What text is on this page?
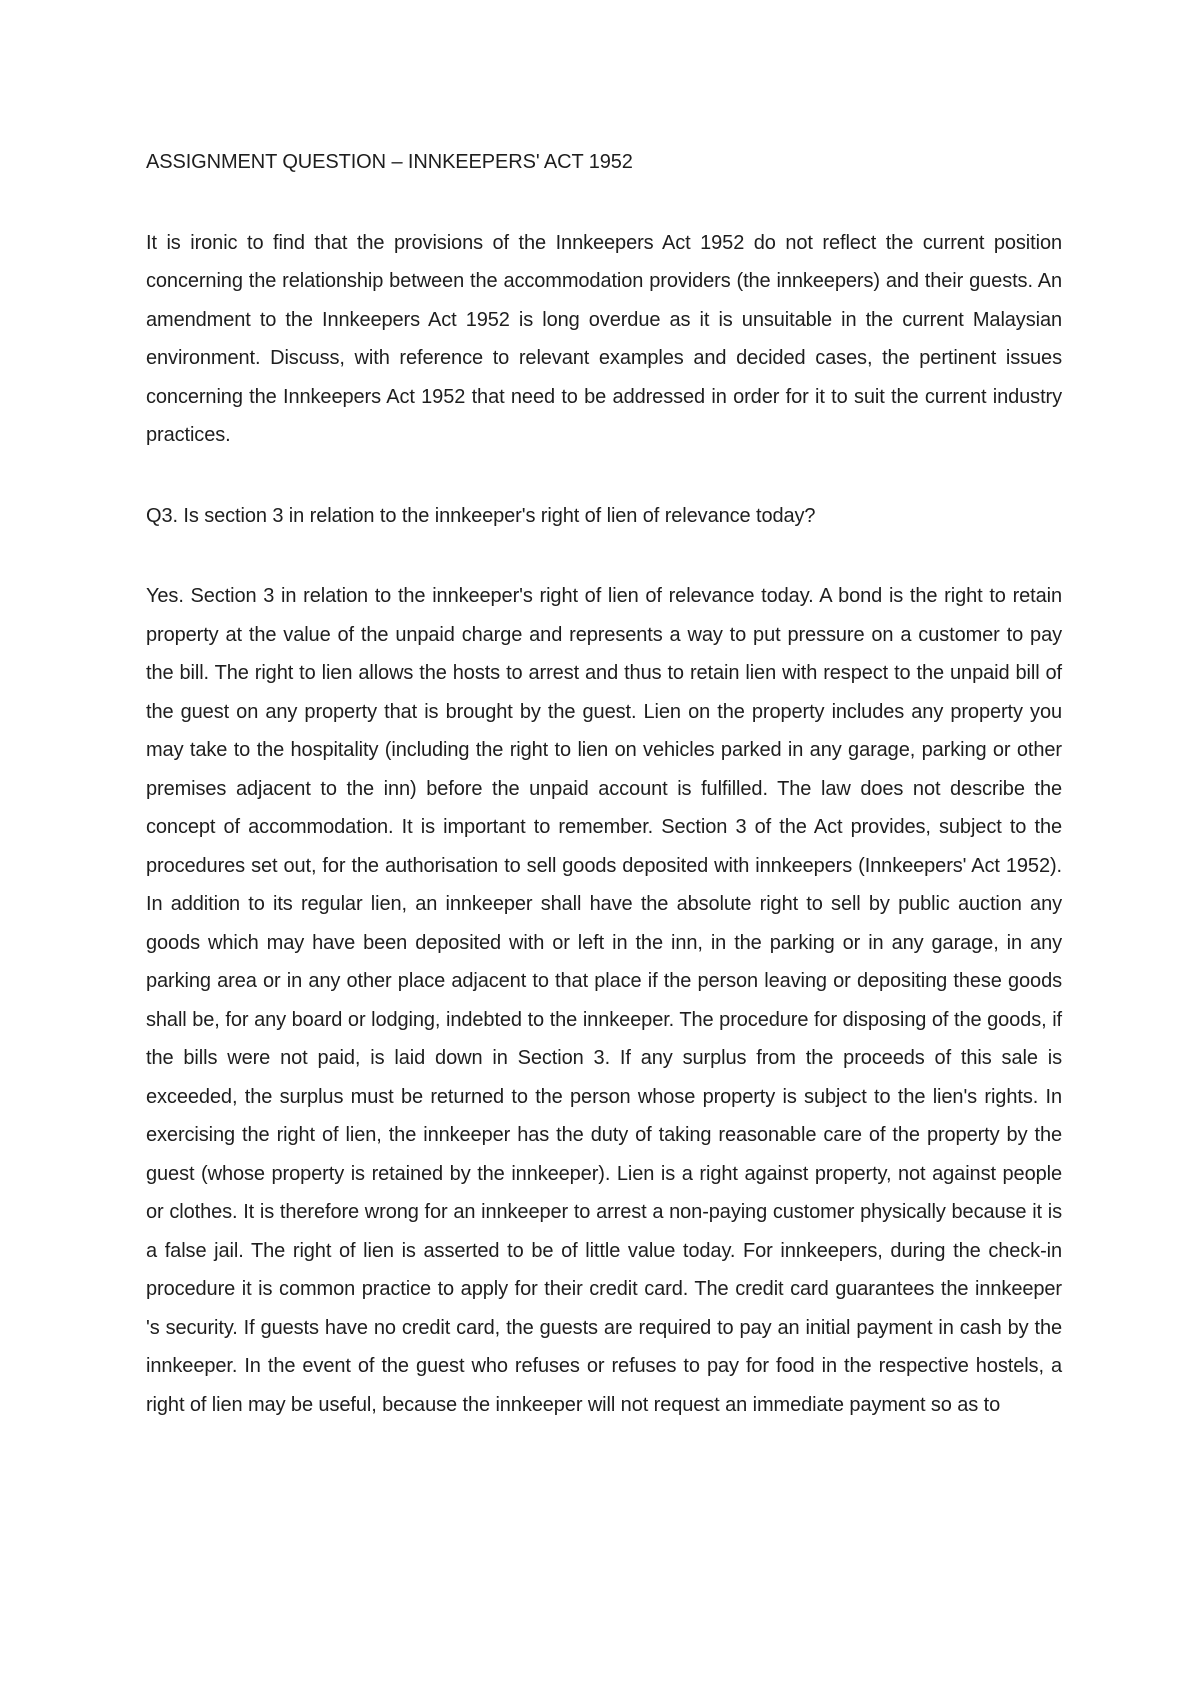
ASSIGNMENT QUESTION – INNKEEPERS' ACT 1952

It is ironic to find that the provisions of the Innkeepers Act 1952 do not reflect the current position concerning the relationship between the accommodation providers (the innkeepers) and their guests. An amendment to the Innkeepers Act 1952 is long overdue as it is unsuitable in the current Malaysian environment. Discuss, with reference to relevant examples and decided cases, the pertinent issues concerning the Innkeepers Act 1952 that need to be addressed in order for it to suit the current industry practices.

Q3. Is section 3 in relation to the innkeeper's right of lien of relevance today?

Yes. Section 3 in relation to the innkeeper's right of lien of relevance today. A bond is the right to retain property at the value of the unpaid charge and represents a way to put pressure on a customer to pay the bill. The right to lien allows the hosts to arrest and thus to retain lien with respect to the unpaid bill of the guest on any property that is brought by the guest. Lien on the property includes any property you may take to the hospitality (including the right to lien on vehicles parked in any garage, parking or other premises adjacent to the inn) before the unpaid account is fulfilled. The law does not describe the concept of accommodation. It is important to remember. Section 3 of the Act provides, subject to the procedures set out, for the authorisation to sell goods deposited with innkeepers (Innkeepers' Act 1952). In addition to its regular lien, an innkeeper shall have the absolute right to sell by public auction any goods which may have been deposited with or left in the inn, in the parking or in any garage, in any parking area or in any other place adjacent to that place if the person leaving or depositing these goods shall be, for any board or lodging, indebted to the innkeeper. The procedure for disposing of the goods, if the bills were not paid, is laid down in Section 3. If any surplus from the proceeds of this sale is exceeded, the surplus must be returned to the person whose property is subject to the lien's rights. In exercising the right of lien, the innkeeper has the duty of taking reasonable care of the property by the guest (whose property is retained by the innkeeper). Lien is a right against property, not against people or clothes. It is therefore wrong for an innkeeper to arrest a non-paying customer physically because it is a false jail. The right of lien is asserted to be of little value today. For innkeepers, during the check-in procedure it is common practice to apply for their credit card. The credit card guarantees the innkeeper 's security. If guests have no credit card, the guests are required to pay an initial payment in cash by the innkeeper. In the event of the guest who refuses or refuses to pay for food in the respective hostels, a right of lien may be useful, because the innkeeper will not request an immediate payment so as to
